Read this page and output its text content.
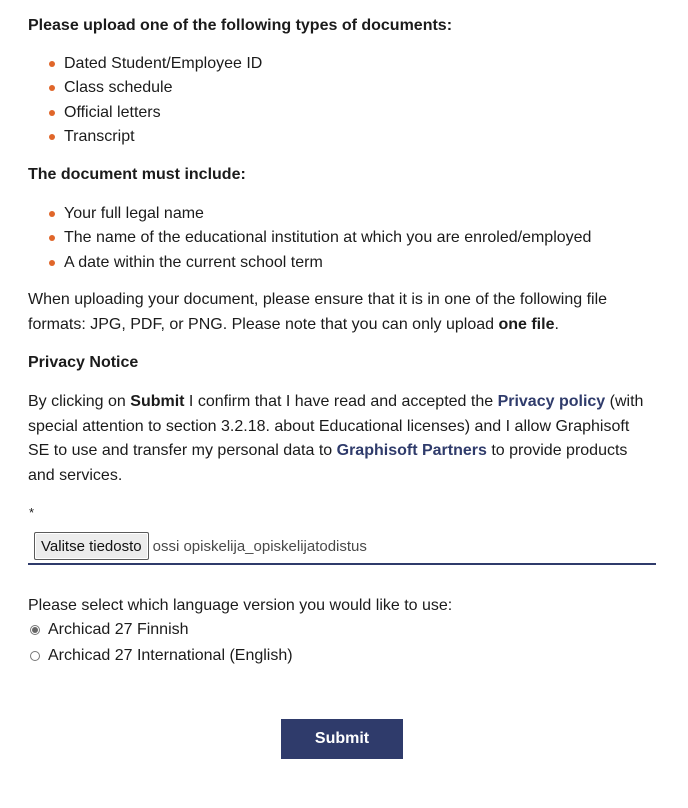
Please upload one of the following types of documents:

Dated Student/Employee ID
Class schedule
Official letters
Transcript

The document must include:

Your full legal name
The name of the educational institution at which you are enroled/employed
A date within the current school term

When uploading your document, please ensure that it is in one of the following file formats: JPG, PDF, or PNG. Please note that you can only upload one file.

Privacy Notice

By clicking on Submit I confirm that I have read and accepted the Privacy policy (with special attention to section 3.2.18. about Educational licenses) and I allow Graphisoft SE to use and transfer my personal data to Graphisoft Partners to provide products and services.

*
Valitse tiedosto ossi opiskelija_opiskelijatodistus
Please select which language version you would like to use:
Archicad 27 Finnish
Archicad 27 International (English)
Submit
